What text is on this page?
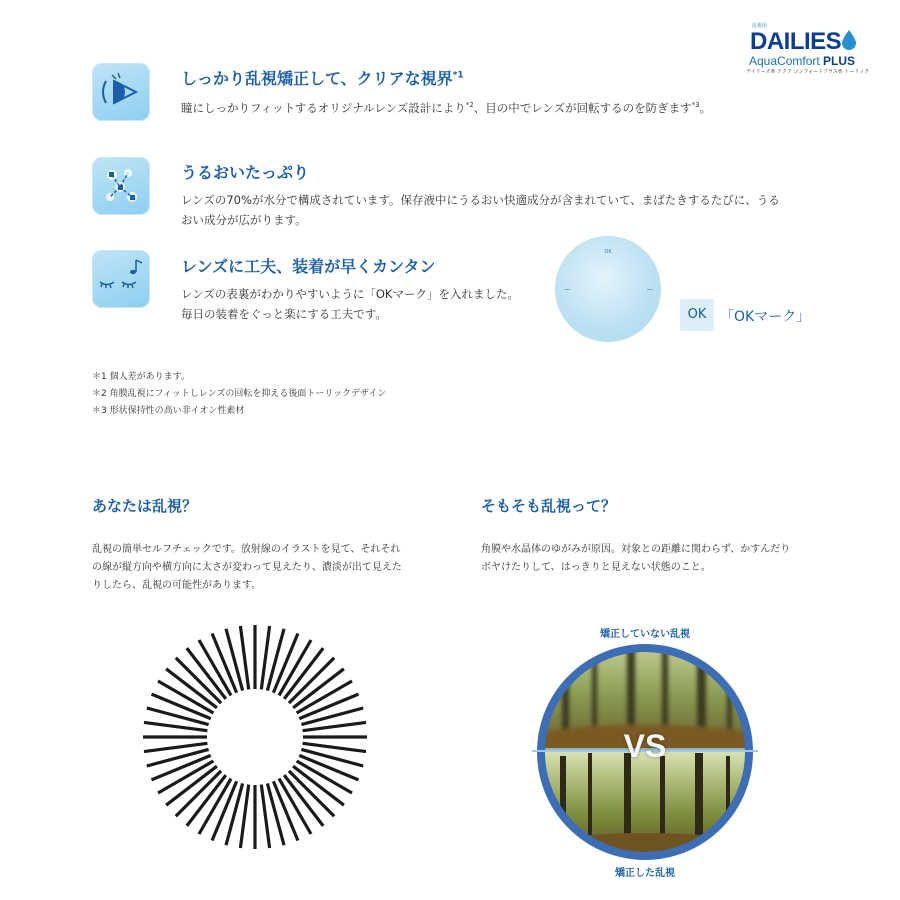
乱視用
DAILIES
AquaComfort PLUS
デイリーズ® アクア コンフォートプラス® トーリック
しっかり乱視矯正して、クリアな視界$^{*1}$
瞳にしっかりフィットするオリジナルレンズ設計により$^{*2}$、目の中でレンズが回転するのを防ぎます$^{*3}$。
うるおいたっぷり
レンズの70%が水分で構成されています。保存液中にうるおい快適成分が含まれていて、まばたきするたびに、うる
おい成分が広がります。
レンズに工夫、装着が早くカンタン
レンズの表裏がわかりやすいように「OKマーク」を入れました。
毎日の装着をぐっと楽にする工夫です。
OK
......	......
OK 「OKマーク」
＊1 個人差があります。
＊2 角膜乱視にフィットしレンズの回転を抑える後面トーリックデザイン
＊3 形状保持性の高い非イオン性素材
あなたは乱視？
乱視の簡単セルフチェックです。放射線のイラストを見て、それそれ
の線が縦方向や横方向に太さが変わって見えたり、濃淡が出て見えた
りしたら、乱視の可能性があります。
そもそも乱視って？
角膜や水晶体のゆがみが原因。対象との距離に関わらず、かすんだり
ボヤけたりして、はっきりと見えない状態のこと。
矯正していない乱視
VS
矯正した乱視
